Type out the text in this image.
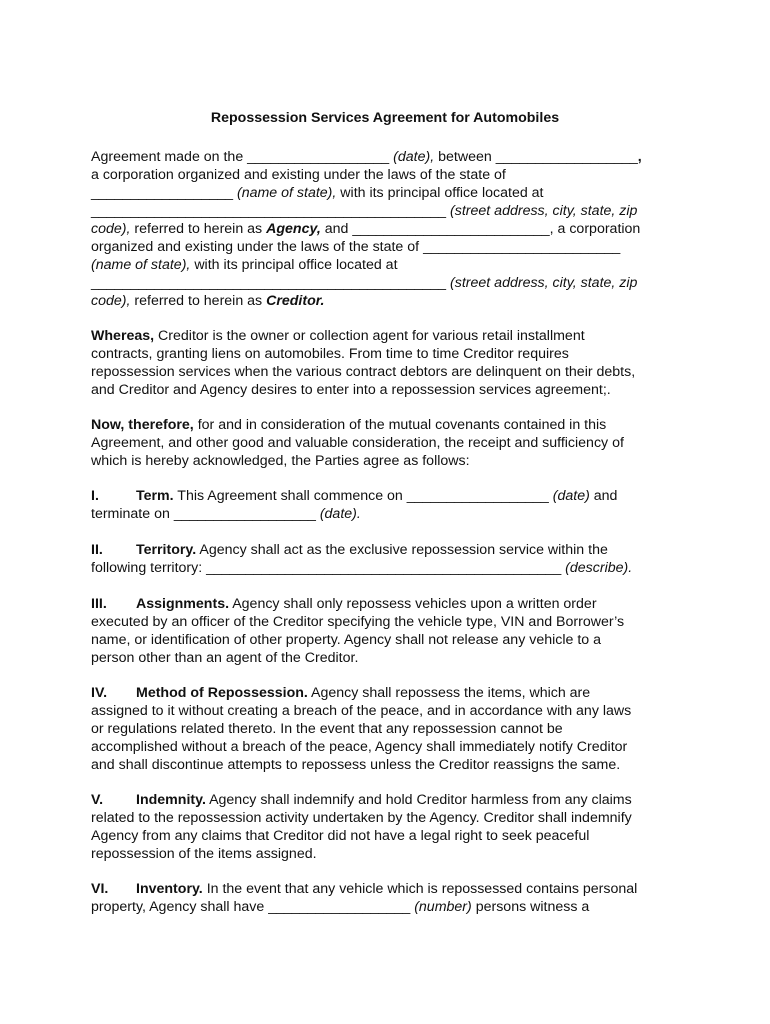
Repossession Services Agreement for Automobiles
Agreement made on the __________________ (date), between __________________,
a corporation organized and existing under the laws of the state of
__________________ (name of state), with its principal office located at
_____________________________________________ (street address, city, state, zip
code), referred to herein as Agency, and _________________________, a corporation
organized and existing under the laws of the state of _________________________
(name of state), with its principal office located at
_____________________________________________ (street address, city, state, zip
code), referred to herein as Creditor.
Whereas, Creditor is the owner or collection agent for various retail installment
contracts, granting liens on automobiles. From time to time Creditor requires
repossession services when the various contract debtors are delinquent on their debts,
and Creditor and Agency desires to enter into a repossession services agreement;.
Now, therefore, for and in consideration of the mutual covenants contained in this
Agreement, and other good and valuable consideration, the receipt and sufficiency of
which is hereby acknowledged, the Parties agree as follows:
I.	Term. This Agreement shall commence on __________________ (date) and
terminate on __________________ (date).
II. Territory. Agency shall act as the exclusive repossession service within the
following territory: _____________________________________________ (describe).
III. Assignments. Agency shall only repossess vehicles upon a written order
executed by an officer of the Creditor specifying the vehicle type, VIN and Borrower’s
name, or identification of other property. Agency shall not release any vehicle to a
person other than an agent of the Creditor.
IV. Method of Repossession. Agency shall repossess the items, which are
assigned to it without creating a breach of the peace, and in accordance with any laws
or regulations related thereto. In the event that any repossession cannot be
accomplished without a breach of the peace, Agency shall immediately notify Creditor
and shall discontinue attempts to repossess unless the Creditor reassigns the same.
V. Indemnity. Agency shall indemnify and hold Creditor harmless from any claims
related to the repossession activity undertaken by the Agency. Creditor shall indemnify
Agency from any claims that Creditor did not have a legal right to seek peaceful
repossession of the items assigned.
VI. Inventory. In the event that any vehicle which is repossessed contains personal
property, Agency shall have __________________ (number) persons witness a
